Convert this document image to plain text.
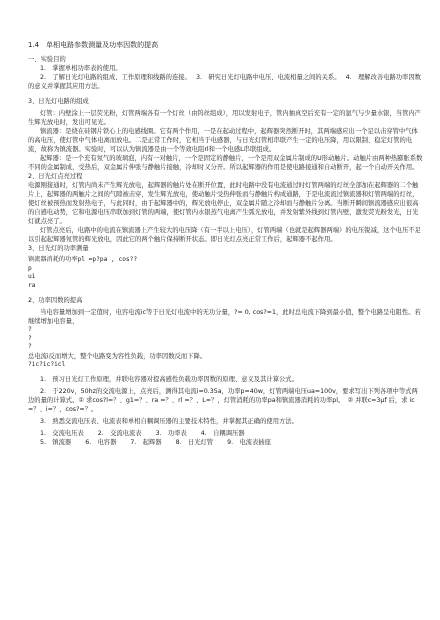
1.4　单相电路参数测量及功率因数的提高

一、实验目的

1.　掌握单相功率表的使用。

2.　了解日光灯电路的组成、工作原理和线路的连接。　 3.　研究日光灯电路中电压、电流相量之间的关系。　 4.　理解改善电路功率因数的意义并掌握其应用方法。

3、日光灯电路的组成

灯管：内壁涂上一层荧光粉，灯管两端各有一个灯丝（由钨丝组成），用以发射电子，管内抽真空后充有一定的氩气与少量水银，当管内产生辉光放电时，发出可见光。

镇流器：是绕在硅钢片铁心上的电感线圈。它有两个作用，一是在起动过程中，起辉器突然断开时，其两端感应出一个足以击穿管中气体的高电压，使灯管中气体电离而放电。二是正常工作时，它相当于电感器，与日光灯管相串联产生一定的电压降，用以限制、稳定灯管的电流，故称为镇流器。实验时，可以认为镇流器是由一个等效电阻rl和一个电感L串联组成。

起辉器：是一个充有氖气的玻璃泡，内有一对触片，一个是固定的静触片，一个是用双金属片制成的U形动触片。动触片由两种热膨胀系数不同的金属制成，受热后，双金属片伸张与静触片接触，冷却时又分开。所以起辉器的作用是使电路接通和自动断开，起一个自动开关作用。

2、日光灯点亮过程

电源刚接通时，灯管内尚未产生辉光放电，起辉器的触片处在断开位置，此时电路中没有电流通过时灯管两端的灯丝全部加在起辉器的二个触片上，起辉器的两触片之间的气隙被击穿，发生辉光放电，使动触片受热伸张而与静触片构成通路，于是电流流过镇流器和灯管两端的灯丝，使灯丝被预热而发射热电子，与此同时，由于起辉器中的，辉光放电停止，双金属片随之冷却而与静触片分离。当断开瞬间镇流器感应出很高的自感电动势，它和电源电压串联加到灯管的两端，使灯管内水银蒸气电离产生弧光放电，并发射紫外线到灯管内壁，激发荧光粉发光，日光灯就点亮了。

灯管点亮后，电路中的电流在镇流器上产生较大的电压降（有一半以上电压），灯管两端（也就是起辉器两端）的电压锐减，这个电压不足以引起起辉器氖管的辉光放电，因此它的两个触片保持断开状态。即日光灯点亮正常工作后，起辉器不起作用。

3、日光灯的功率测量

镇流器消耗的功率pl =p?pa , cos??

p

ui

ra

2、功率因数的提高

当电容量增加到一定值时，电容电流ic等于日光灯电流中的无功分量，?= 0, cos?=1，此时总电流下降到最小值，整个电路呈电阻性。若继续增加电容量，

?

?

?

总电流i反而增大，整个电路变为容性负载，功率因数反而下降。

?ic?ic?icl

1.　预习日光灯工作原理，并联电容器对提高感性负载功率因数的原理、意义及其计算公式。

2.　于220v，50hz的交流电源上，点亮后，测得其电流i=0.35a，功率p=40w，灯管两端电压ua=100v，要求写出下列各项中等式两边的量的计算式。① 求cos?l=？、g1=？、ra =？、rl =？、L=？，灯管消耗的功率pa和镇流器消耗的功率pl。　② 并联c=3μf 后，求 ic=？、i=？、cos?=？。

3.　熟悉交流电压表、电流表和单相自耦调压器的主要技术特性，并掌握其正确的使用方法。

1.　交流电压表 2.　交流电流表 3.　功率表 4.　自耦调压器
5.　镇流器 6.　电容器 7.　起辉器 8.　日光灯管 9.　电流表插座
